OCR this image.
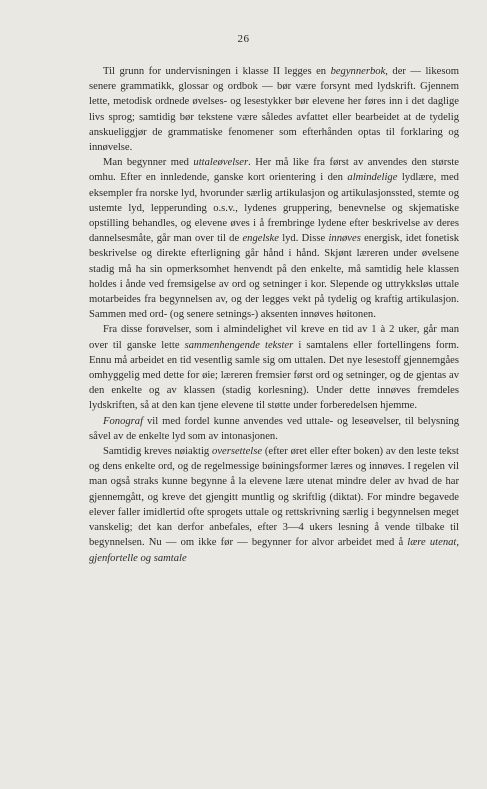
26

Til grunn for undervisningen i klasse II legges en begynnerbok, der — likesom senere grammatikk, glossar og ordbok — bør være forsynt med lydskrift. Gjennem lette, metodisk ordnede øvelses- og lesestykker bør elevene her føres inn i det daglige livs sprog; samtidig bør tekstene være således avfattet eller bearbeidet at de tydelig anskueliggjør de grammatiske fenomener som efterhånden optas til forklaring og innøvelse.

Man begynner med uttaleøvelser. Her må like fra først av anvendes den største omhu. Efter en innledende, ganske kort orientering i den almindelige lydlære, med eksempler fra norske lyd, hvorunder særlig artikulasjon og artikulasjonssted, stemte og ustemte lyd, lepperunding o.s.v., lydenes gruppering, benevnelse og skjematiske opstilling behandles, og elevene øves i å frembringe lydene efter beskrivelse av deres dannelsesmåte, går man over til de engelske lyd. Disse innøves energisk, idet fonetisk beskrivelse og direkte efterligning går hånd i hånd. Skjønt læreren under øvelsene stadig må ha sin opmerksomhet henvendt på den enkelte, må samtidig hele klassen holdes i ånde ved fremsigelse av ord og setninger i kor. Slepende og uttrykksløs uttale motarbeides fra begynnelsen av, og der legges vekt på tydelig og kraftig artikulasjon. Sammen med ord- (og senere setnings-) aksenten innøves høitonen.

Fra disse forøvelser, som i almindelighet vil kreve en tid av 1 à 2 uker, går man over til ganske lette sammenhengende tekster i samtalens eller fortellingens form. Ennu må arbeidet en tid vesentlig samle sig om uttalen. Det nye lesestoff gjennemgåes omhyggelig med dette for øie; læreren fremsier først ord og setninger, og de gjentas av den enkelte og av klassen (stadig korlesning). Under dette innøves fremdeles lydskriften, så at den kan tjene elevene til støtte under forberedelsen hjemme.

Fonograf vil med fordel kunne anvendes ved uttale- og leseøvelser, til belysning såvel av de enkelte lyd som av intonasjonen.

Samtidig kreves nøiaktig oversettelse (efter øret eller efter boken) av den leste tekst og dens enkelte ord, og de regelmessige bøiningsformer læres og innøves. I regelen vil man også straks kunne begynne å la elevene lære utenat mindre deler av hvad de har gjennemgått, og kreve det gjengitt muntlig og skriftlig (diktat). For mindre begavede elever faller imidlertid ofte sprogets uttale og rettskrivning særlig i begynnelsen meget vanskelig; det kan derfor anbefales, efter 3—4 ukers lesning å vende tilbake til begynnelsen. Nu — om ikke før — begynner for alvor arbeidet med å lære utenat, gjenfortelle og samtale
